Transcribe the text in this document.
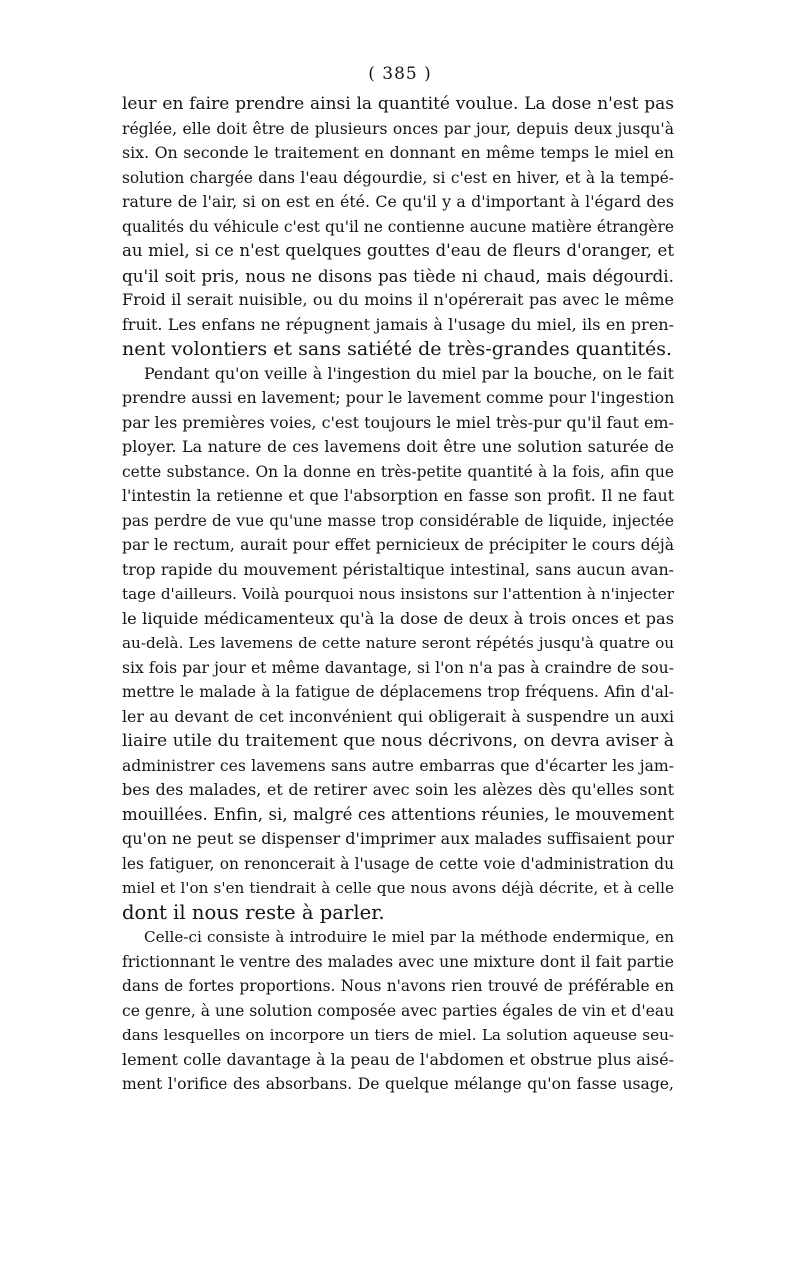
( 385 )
leur en faire prendre ainsi la quantité voulue. La dose n'est pas
réglée, elle doit être de plusieurs onces par jour, depuis deux jusqu'à
six. On seconde le traitement en donnant en même temps le miel en
solution chargée dans l'eau dégourdie, si c'est en hiver, et à la tempé-
rature de l'air, si on est en été. Ce qu'il y a d'important à l'égard des
qualités du véhicule c'est qu'il ne contienne aucune matière étrangère
au miel, si ce n'est quelques gouttes d'eau de fleurs d'oranger, et
qu'il soit pris, nous ne disons pas tiède ni chaud, mais dégourdi.
Froid il serait nuisible, ou du moins il n'opérerait pas avec le même
fruit. Les enfans ne répugnent jamais à l'usage du miel, ils en pren-
nent volontiers et sans satiété de très-grandes quantités.
Pendant qu'on veille à l'ingestion du miel par la bouche, on le fait
prendre aussi en lavement; pour le lavement comme pour l'ingestion
par les premières voies, c'est toujours le miel très-pur qu'il faut em-
ployer. La nature de ces lavemens doit être une solution saturée de
cette substance. On la donne en très-petite quantité à la fois, afin que
l'intestin la retienne et que l'absorption en fasse son profit. Il ne faut
pas perdre de vue qu'une masse trop considérable de liquide, injectée
par le rectum, aurait pour effet pernicieux de précipiter le cours déjà
trop rapide du mouvement péristaltique intestinal, sans aucun avan-
tage d'ailleurs. Voilà pourquoi nous insistons sur l'attention à n'injecter
le liquide médicamenteux qu'à la dose de deux à trois onces et pas
au-delà. Les lavemens de cette nature seront répétés jusqu'à quatre ou
six fois par jour et même davantage, si l'on n'a pas à craindre de sou-
mettre le malade à la fatigue de déplacemens trop fréquens. Afin d'al-
ler au devant de cet inconvénient qui obligerait à suspendre un auxi
liaire utile du traitement que nous décrivons, on devra aviser à
administrer ces lavemens sans autre embarras que d'écarter les jam-
bes des malades, et de retirer avec soin les alèzes dès qu'elles sont
mouillées. Enfin, si, malgré ces attentions réunies, le mouvement
qu'on ne peut se dispenser d'imprimer aux malades suffisaient pour
les fatiguer, on renoncerait à l'usage de cette voie d'administration du
miel et l'on s'en tiendrait à celle que nous avons déjà décrite, et à celle
dont il nous reste à parler.
Celle-ci consiste à introduire le miel par la méthode endermique, en
frictionnant le ventre des malades avec une mixture dont il fait partie
dans de fortes proportions. Nous n'avons rien trouvé de préférable en
ce genre, à une solution composée avec parties égales de vin et d'eau
dans lesquelles on incorpore un tiers de miel. La solution aqueuse seu-
lement colle davantage à la peau de l'abdomen et obstrue plus aisé-
ment l'orifice des absorbans. De quelque mélange qu'on fasse usage,
